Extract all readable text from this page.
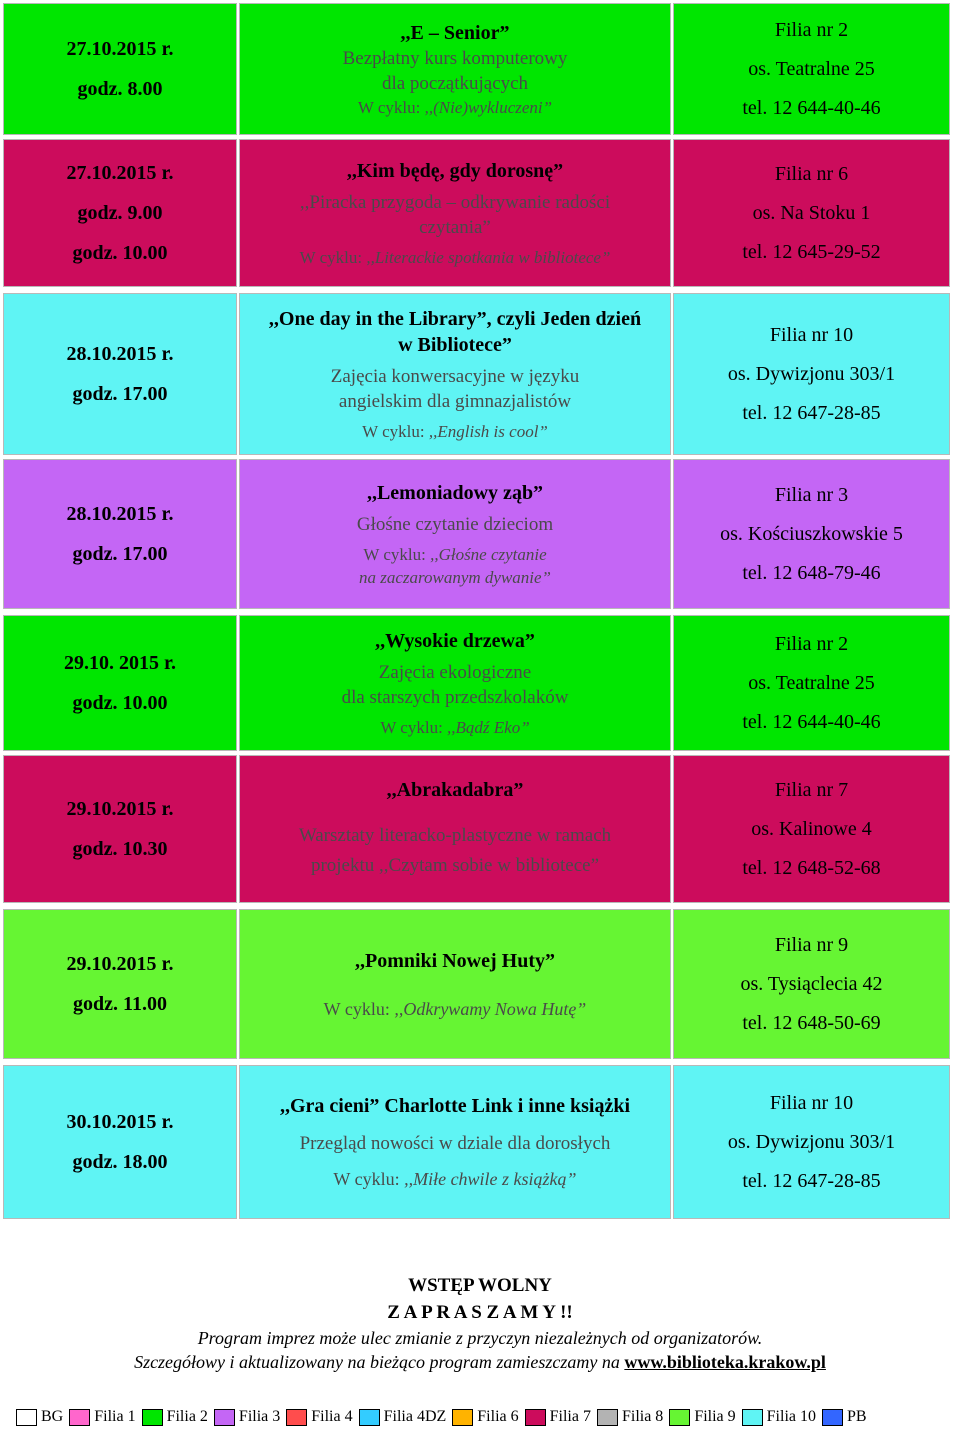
27.10.2015 r.
godz. 8.00
,,E – Senior”
Bezpłatny kurs komputerowy
dla początkujących
W cyklu: ,,(Nie)wykluczeni”
Filia nr 2
os. Teatralne 25
tel. 12 644-40-46
27.10.2015 r.
godz. 9.00
godz. 10.00
,,Kim będę, gdy dorosnę”
,,Piracka przygoda – odkrywanie radości
czytania”
W cyklu: ,,Literackie spotkania w bibliotece”
Filia nr 6
os. Na Stoku 1
tel. 12 645-29-52
28.10.2015 r.
godz. 17.00
,,One day in the Library”, czyli Jeden dzień w Bibliotece”
Zajęcia konwersacyjne w języku
angielskim dla gimnazjalistów
W cyklu: ,,English is cool”
Filia nr 10
os. Dywizjonu 303/1
tel. 12 647-28-85
28.10.2015 r.
godz. 17.00
,,Lemoniadowy ząb”
Głośne czytanie dzieciom
W cyklu: ,,Głośne czytanie
na zaczarowanym dywanie”
Filia nr 3
os. Kościuszkowskie 5
tel. 12 648-79-46
29.10. 2015 r.
godz. 10.00
,,Wysokie drzewa”
Zajęcia ekologiczne
dla starszych przedszkolaków
W cyklu: ,,Bądź Eko”
Filia nr 2
os. Teatralne 25
tel. 12 644-40-46
29.10.2015 r.
godz. 10.30
,,Abrakadabra”
Warsztaty literacko-plastyczne w ramach
projektu ,,Czytam sobie w bibliotece”
Filia nr 7
os. Kalinowe 4
tel. 12 648-52-68
29.10.2015 r.
godz. 11.00
,,Pomniki Nowej Huty”
W cyklu: ,,Odkrywamy Nowa Hutę”
Filia nr 9
os. Tysiąclecia 42
tel. 12 648-50-69
30.10.2015 r.
godz. 18.00
,,Gra cieni” Charlotte Link i inne książki
Przegląd nowości w dziale dla dorosłych
W cyklu: ,,Miłe chwile z książką”
Filia nr 10
os. Dywizjonu 303/1
tel. 12 647-28-85
WSTĘP WOLNY
Z A P R A S Z A M Y !!
Program imprez może ulec zmianie z przyczyn niezależnych od organizatorów.
Szczegółowy i aktualizowany na bieżąco program zamieszczamy na www.biblioteka.krakow.pl
BG Filia 1 Filia 2 Filia 3 Filia 4 Filia 4DZ Filia 6 Filia 7 Filia 8 Filia 9 Filia 10 PB
